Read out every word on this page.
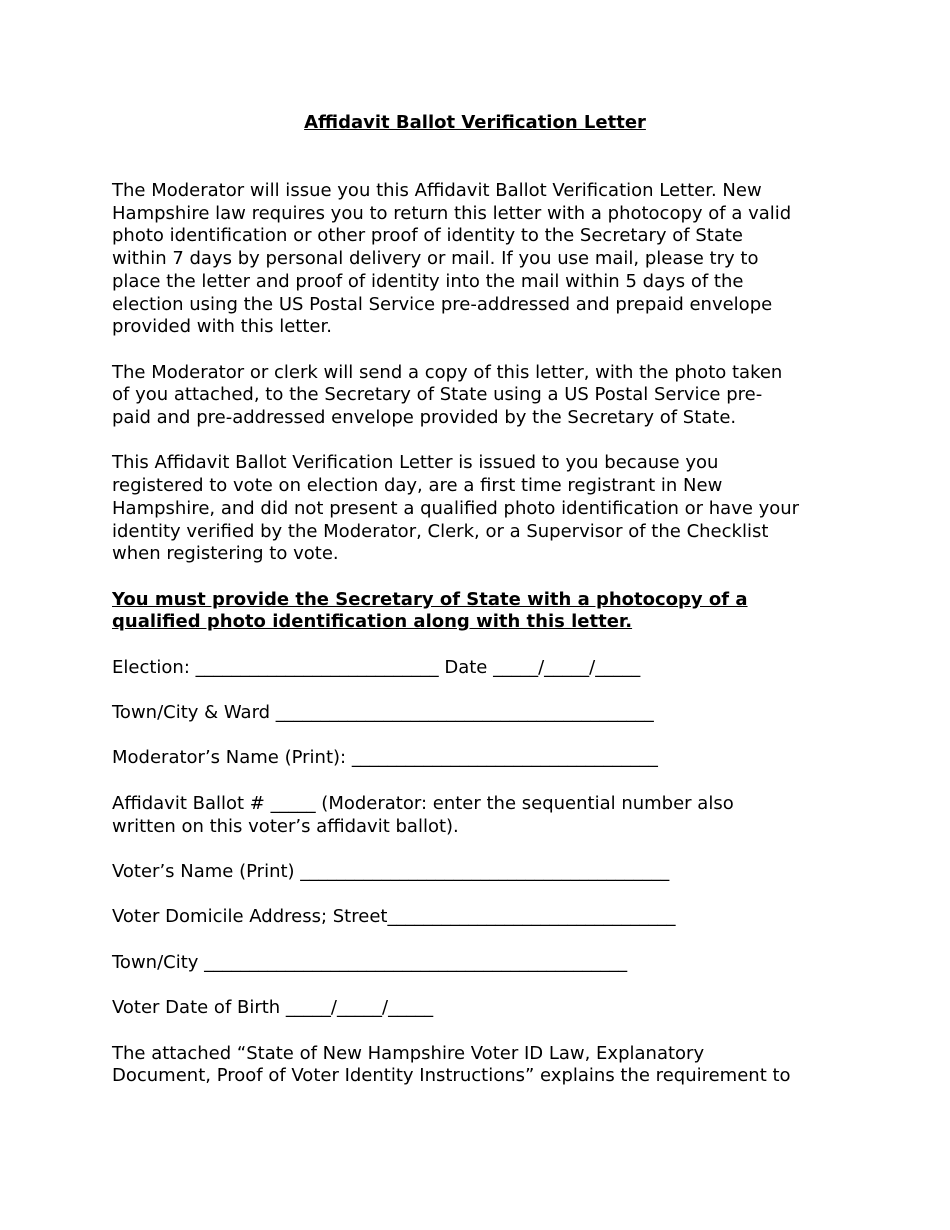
Affidavit Ballot Verification Letter
The Moderator will issue you this Affidavit Ballot Verification Letter. New
Hampshire law requires you to return this letter with a photocopy of a valid
photo identification or other proof of identity to the Secretary of State
within 7 days by personal delivery or mail. If you use mail, please try to
place the letter and proof of identity into the mail within 5 days of the
election using the US Postal Service pre-addressed and prepaid envelope
provided with this letter.
The Moderator or clerk will send a copy of this letter, with the photo taken
of you attached, to the Secretary of State using a US Postal Service pre-
paid and pre-addressed envelope provided by the Secretary of State.
This Affidavit Ballot Verification Letter is issued to you because you
registered to vote on election day, are a first time registrant in New
Hampshire, and did not present a qualified photo identification or have your
identity verified by the Moderator, Clerk, or a Supervisor of the Checklist
when registering to vote.
You must provide the Secretary of State with a photocopy of a
qualified photo identification along with this letter.
Election: ___________________________ Date _____/_____/_____
Town/City & Ward __________________________________________
Moderator’s Name (Print): __________________________________
Affidavit Ballot # _____ (Moderator: enter the sequential number also
written on this voter’s affidavit ballot).
Voter’s Name (Print) _________________________________________
Voter Domicile Address; Street________________________________
Town/City _______________________________________________
Voter Date of Birth _____/_____/_____
The attached “State of New Hampshire Voter ID Law, Explanatory
Document, Proof of Voter Identity Instructions” explains the requirement to
